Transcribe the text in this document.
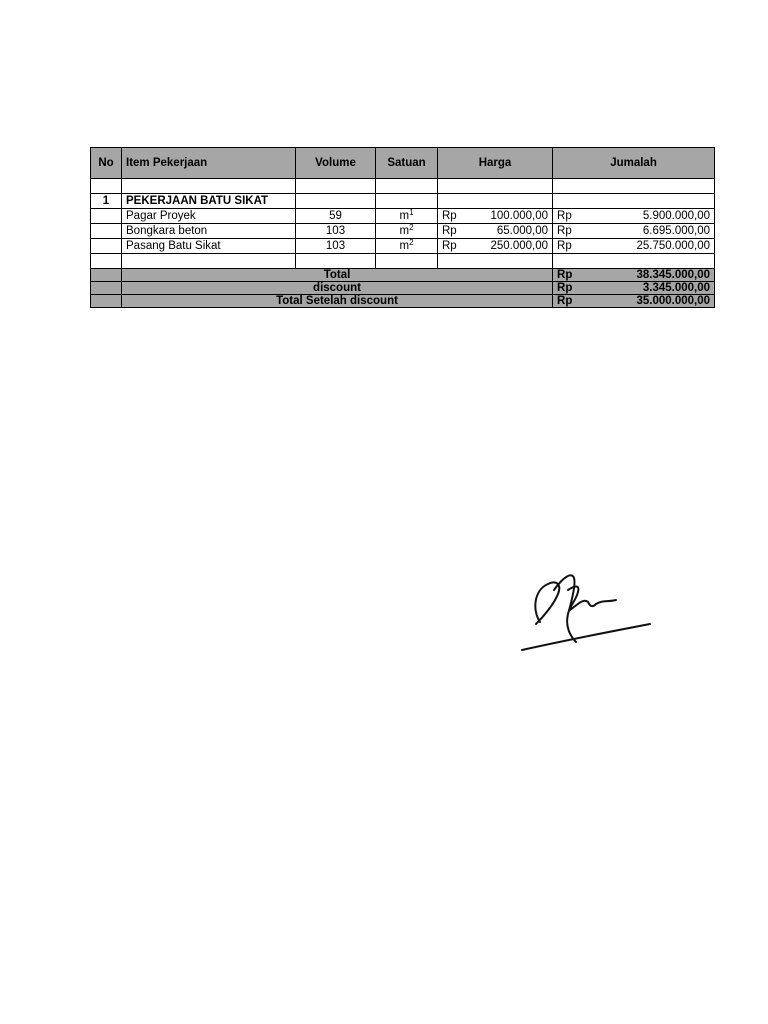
No	Item Pekerjaan	Volume	Satuan	Harga		Jumalah	

1	PEKERJAAN BATU SIKAT						
	Pagar Proyek	59	$m^1$	Rp	100.000,00	Rp	5.900.000,00
	Bongkara beton	103	$m^2$	Rp	65.000,00	Rp	6.695.000,00
	Pasang Batu Sikat	103	$m^2$	Rp	250.000,00	Rp	25.750.000,00

	Total					Rp	38.345.000,00
	discount					Rp	3.345.000,00
	Total Setelah discount					Rp	35.000.000,00
